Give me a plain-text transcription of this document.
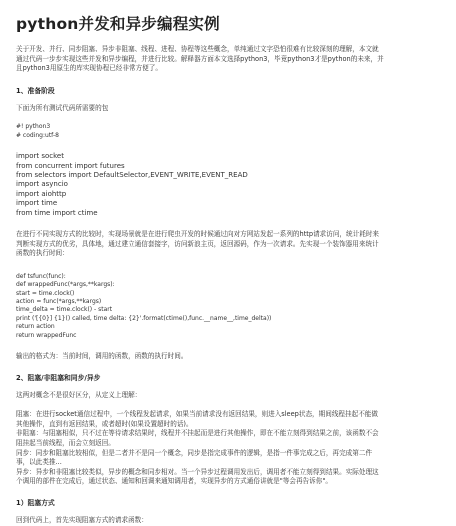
python并发和异步编程实例

关于开发、并行、同步阻塞、异步非阻塞、线程、进程、协程等这些概念，单纯通过文字恐怕很难有比较深刻的理解，本文就

通过代码一步步实现这些并发和异步编程，并进行比较。解释器方面本文选择python3，毕竟python3才是python的未来，并

且python3用原生的库实现协程已经非常方便了。

1、准备阶段

下面为所有测试代码所需要的包

#! python3
# coding:utf-8
import socket
from concurrent import futures
from selectors import DefaultSelector,EVENT_WRITE,EVENT_READ
import asyncio
import aiohttp
import time
from time import ctime

在进行不同实现方式的比较时，实现场景就是在进行爬虫开发的时候通过向对方网站发起一系列的http请求访问，统计耗时来

判断实现方式的优劣，具体地，通过建立通信套接字，访问新浪主页，返回源码，作为一次请求。先实现一个装饰器用来统计

函数的执行时间：

def tsfunc(func):
def wrappedFunc(*args,**kargs):
start = time.clock()
action = func(*args,**kargs)
time_delta = time.clock() - start
print ('[{0}] {1}() called, time delta: {2}'.format(ctime(),func.__name__,time_delta))
return action
return wrappedFunc

输出的格式为：当前时间，调用的函数，函数的执行时间。

2、阻塞/非阻塞和同步/异步

这两对概念不是很好区分，从定义上理解：

阻塞：在进行socket通信过程中，一个线程发起请求，如果当前请求没有返回结果，则进入sleep状态，期间线程挂起不能做

其他操作，直到有返回结果，或者超时(如果设置超时的话)。

非阻塞：与阻塞相似，只不过在等待请求结果时，线程并不挂起而是进行其他操作，即在不能立刻得到结果之前，该函数不会

阻挂起当前线程，而会立刻返回。

同步：同步和阻塞比较相似，但是二者并不是同一个概念，同步是指完成事件的逻辑，是指一件事完成之后，再完成第二件

事，以此类推...

异步：异步和非阻塞比较类似，异步的概念和同步相对。当一个异步过程调用发出后，调用者不能立刻得到结果。实际处理这

个调用的部件在完成后，通过状态、通知和回调来通知调用者，实现异步的方式通俗讲就是"等会再告诉你"。

1）阻塞方式

回到代码上，首先实现阻塞方式的请求函数：
